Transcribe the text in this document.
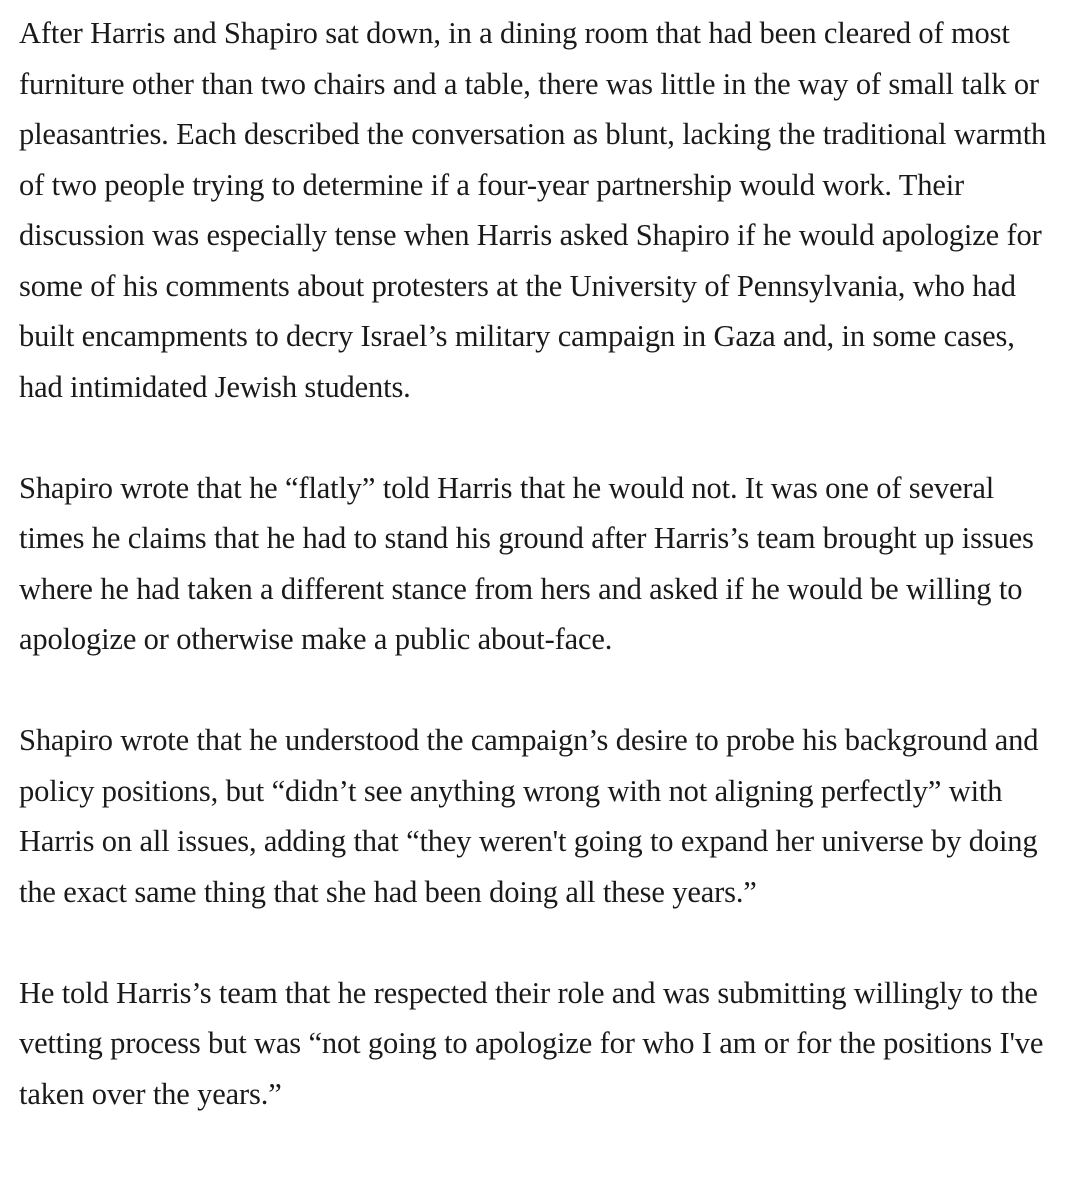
After Harris and Shapiro sat down, in a dining room that had been cleared of most furniture other than two chairs and a table, there was little in the way of small talk or pleasantries. Each described the conversation as blunt, lacking the traditional warmth of two people trying to determine if a four-year partnership would work. Their discussion was especially tense when Harris asked Shapiro if he would apologize for some of his comments about protesters at the University of Pennsylvania, who had built encampments to decry Israel’s military campaign in Gaza and, in some cases, had intimidated Jewish students.

Shapiro wrote that he “flatly” told Harris that he would not. It was one of several times he claims that he had to stand his ground after Harris’s team brought up issues where he had taken a different stance from hers and asked if he would be willing to apologize or otherwise make a public about-face.

Shapiro wrote that he understood the campaign’s desire to probe his background and policy positions, but “didn’t see anything wrong with not aligning perfectly” with Harris on all issues, adding that “they weren't going to expand her universe by doing the exact same thing that she had been doing all these years.”

He told Harris’s team that he respected their role and was submitting willingly to the vetting process but was “not going to apologize for who I am or for the positions I've taken over the years.”
